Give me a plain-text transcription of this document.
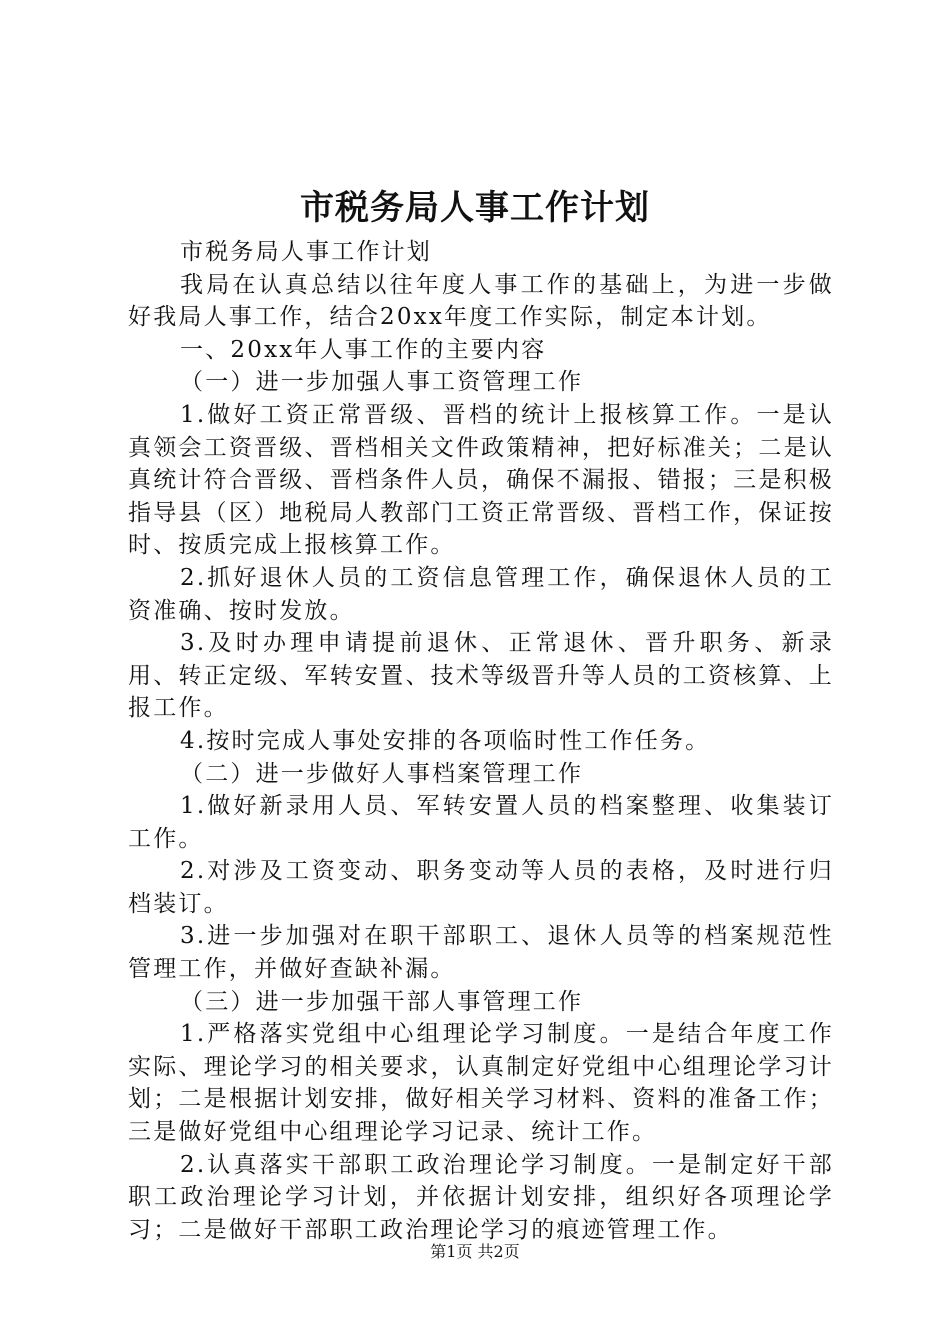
市税务局人事工作计划

市税务局人事工作计划

我局在认真总结以往年度人事工作的基础上，为进一步做好我局人事工作，结合20xx年度工作实际，制定本计划。

一、20xx年人事工作的主要内容

（一）进一步加强人事工资管理工作

1.做好工资正常晋级、晋档的统计上报核算工作。一是认真领会工资晋级、晋档相关文件政策精神，把好标准关；二是认真统计符合晋级、晋档条件人员，确保不漏报、错报；三是积极指导县（区）地税局人教部门工资正常晋级、晋档工作，保证按时、按质完成上报核算工作。

2.抓好退休人员的工资信息管理工作，确保退休人员的工资准确、按时发放。

3.及时办理申请提前退休、正常退休、晋升职务、新录用、转正定级、军转安置、技术等级晋升等人员的工资核算、上报工作。

4.按时完成人事处安排的各项临时性工作任务。

（二）进一步做好人事档案管理工作

1.做好新录用人员、军转安置人员的档案整理、收集装订工作。

2.对涉及工资变动、职务变动等人员的表格，及时进行归档装订。

3.进一步加强对在职干部职工、退休人员等的档案规范性管理工作，并做好查缺补漏。

（三）进一步加强干部人事管理工作

1.严格落实党组中心组理论学习制度。一是结合年度工作实际、理论学习的相关要求，认真制定好党组中心组理论学习计划；二是根据计划安排，做好相关学习材料、资料的准备工作；三是做好党组中心组理论学习记录、统计工作。

2.认真落实干部职工政治理论学习制度。一是制定好干部职工政治理论学习计划，并依据计划安排，组织好各项理论学习；二是做好干部职工政治理论学习的痕迹管理工作。

第1页 共2页
